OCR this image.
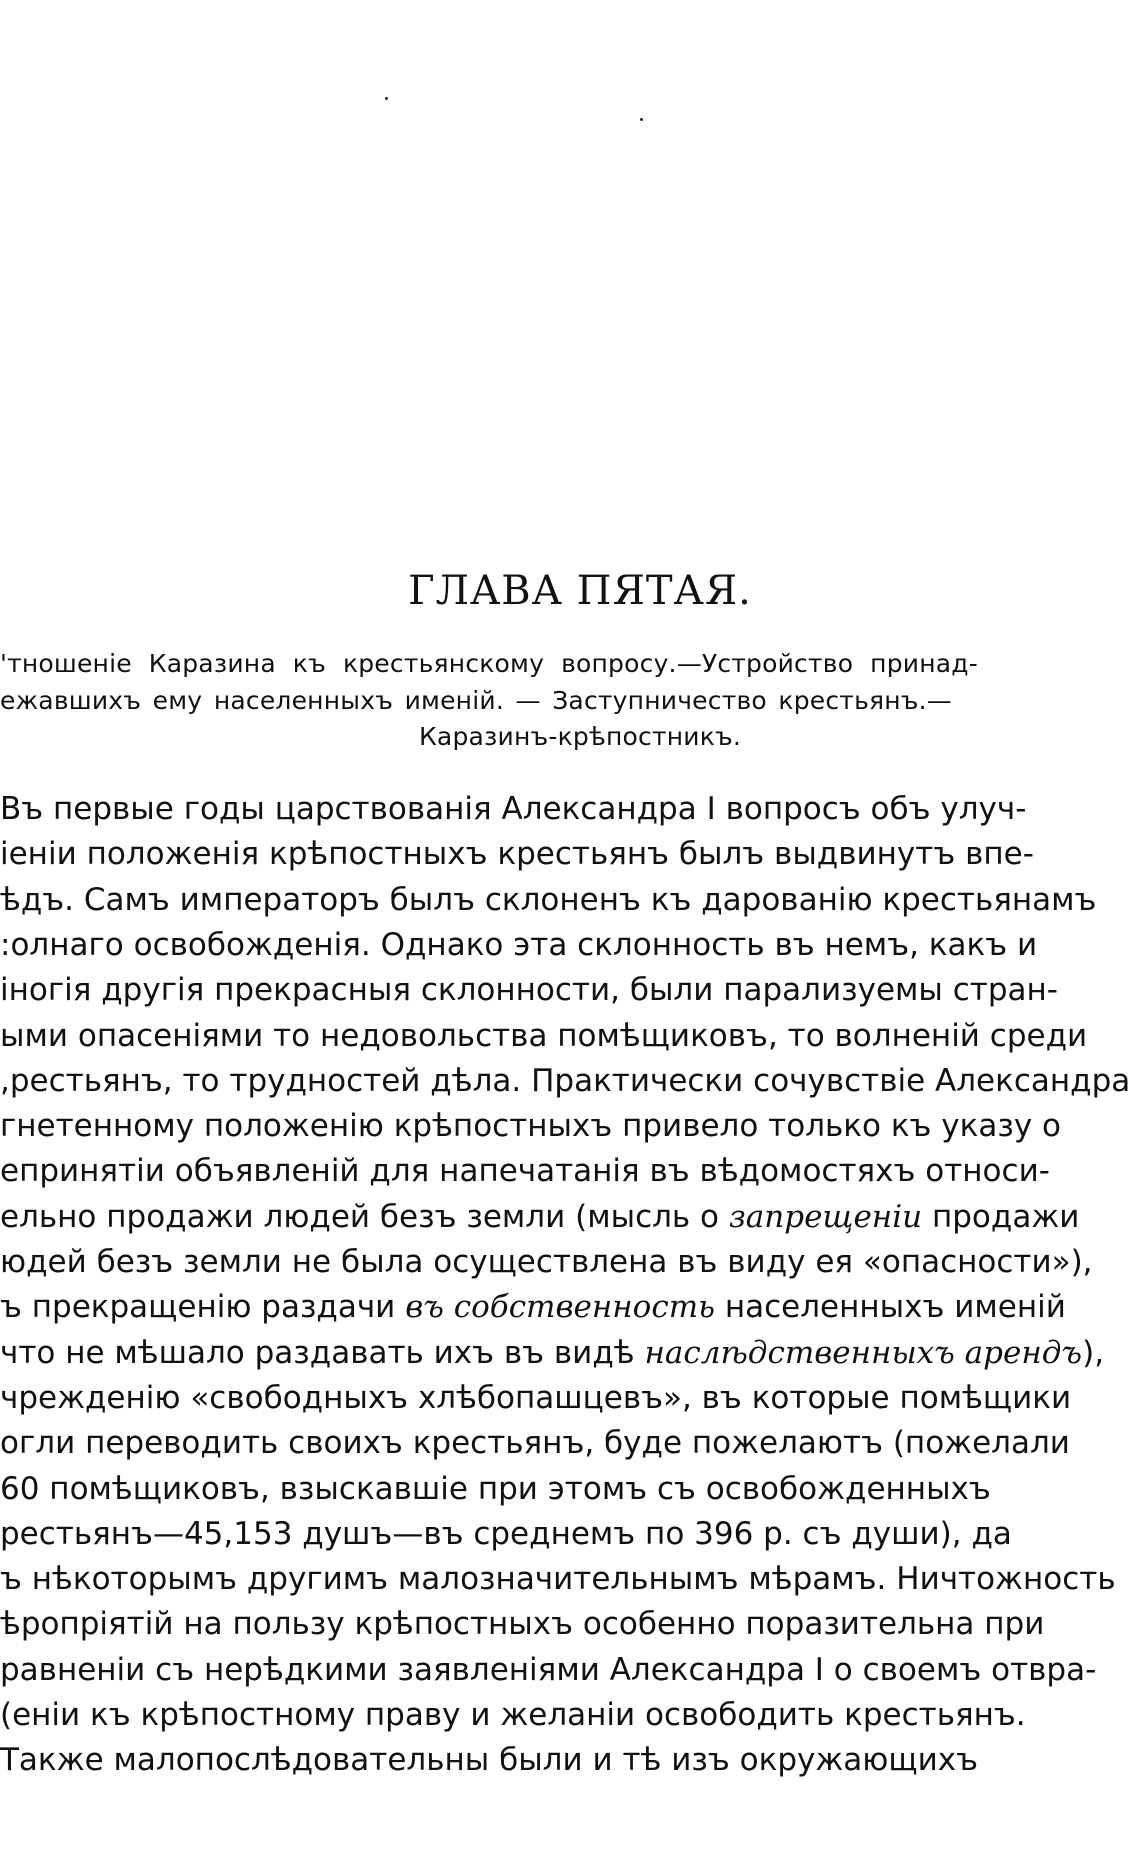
ГЛАВА ПЯТАЯ.
'тношенiе Каразина къ крестьянскому вопросу.—Устройство принад-
ежавшихъ ему населенныхъ именiй. — Заступничество крестьянъ.—
Каразинъ-крѣпостникъ.
Въ первые годы царствованiя Александра I вопросъ объ улуч-
iенiи положенiя крѣпостныхъ крестьянъ былъ выдвинутъ впе-
ѣдъ. Самъ императоръ былъ склоненъ къ дарованiю крестьянамъ
:олнаго освобожденiя. Однако эта склонность въ немъ, какъ и
iногiя другiя прекрасныя склонности, были парализуемы стран-
ыми опасенiями то недовольства помѣщиковъ, то волненiй среди
,рестьянъ, то трудностей дѣла. Практически сочувствiе Александра
гнетенному положенiю крѣпостныхъ привело только къ указу о
епринятiи объявленiй для напечатанiя въ вѣдомостяхъ относи-
ельно продажи людей безъ земли (мысль о запрещенiи продажи
юдей безъ земли не была осуществлена въ виду ея «опасности»),
ъ прекращенiю раздачи въ собственность населенныхъ именiй
что не мѣшало раздавать ихъ въ видѣ наслѣдственныхъ арендъ),
чрежденiю «свободныхъ хлѣбопашцевъ», въ которые помѣщики
огли переводить своихъ крестьянъ, буде пожелаютъ (пожелали
60 помѣщиковъ, взыскавшiе при этомъ съ освобожденныхъ
рестьянъ—45,153 душъ—въ среднемъ по 396 р. съ души), да
ъ нѣкоторымъ другимъ малозначительнымъ мѣрамъ. Ничтожность
ѣропрiятiй на пользу крѣпостныхъ особенно поразительна при
равненiи съ нерѣдкими заявленiями Александра I о своемъ отвра-
(енiи къ крѣпостному праву и желанiи освободить крестьянъ.
Также малопослѣдовательны были и тѣ изъ окружающихъ
